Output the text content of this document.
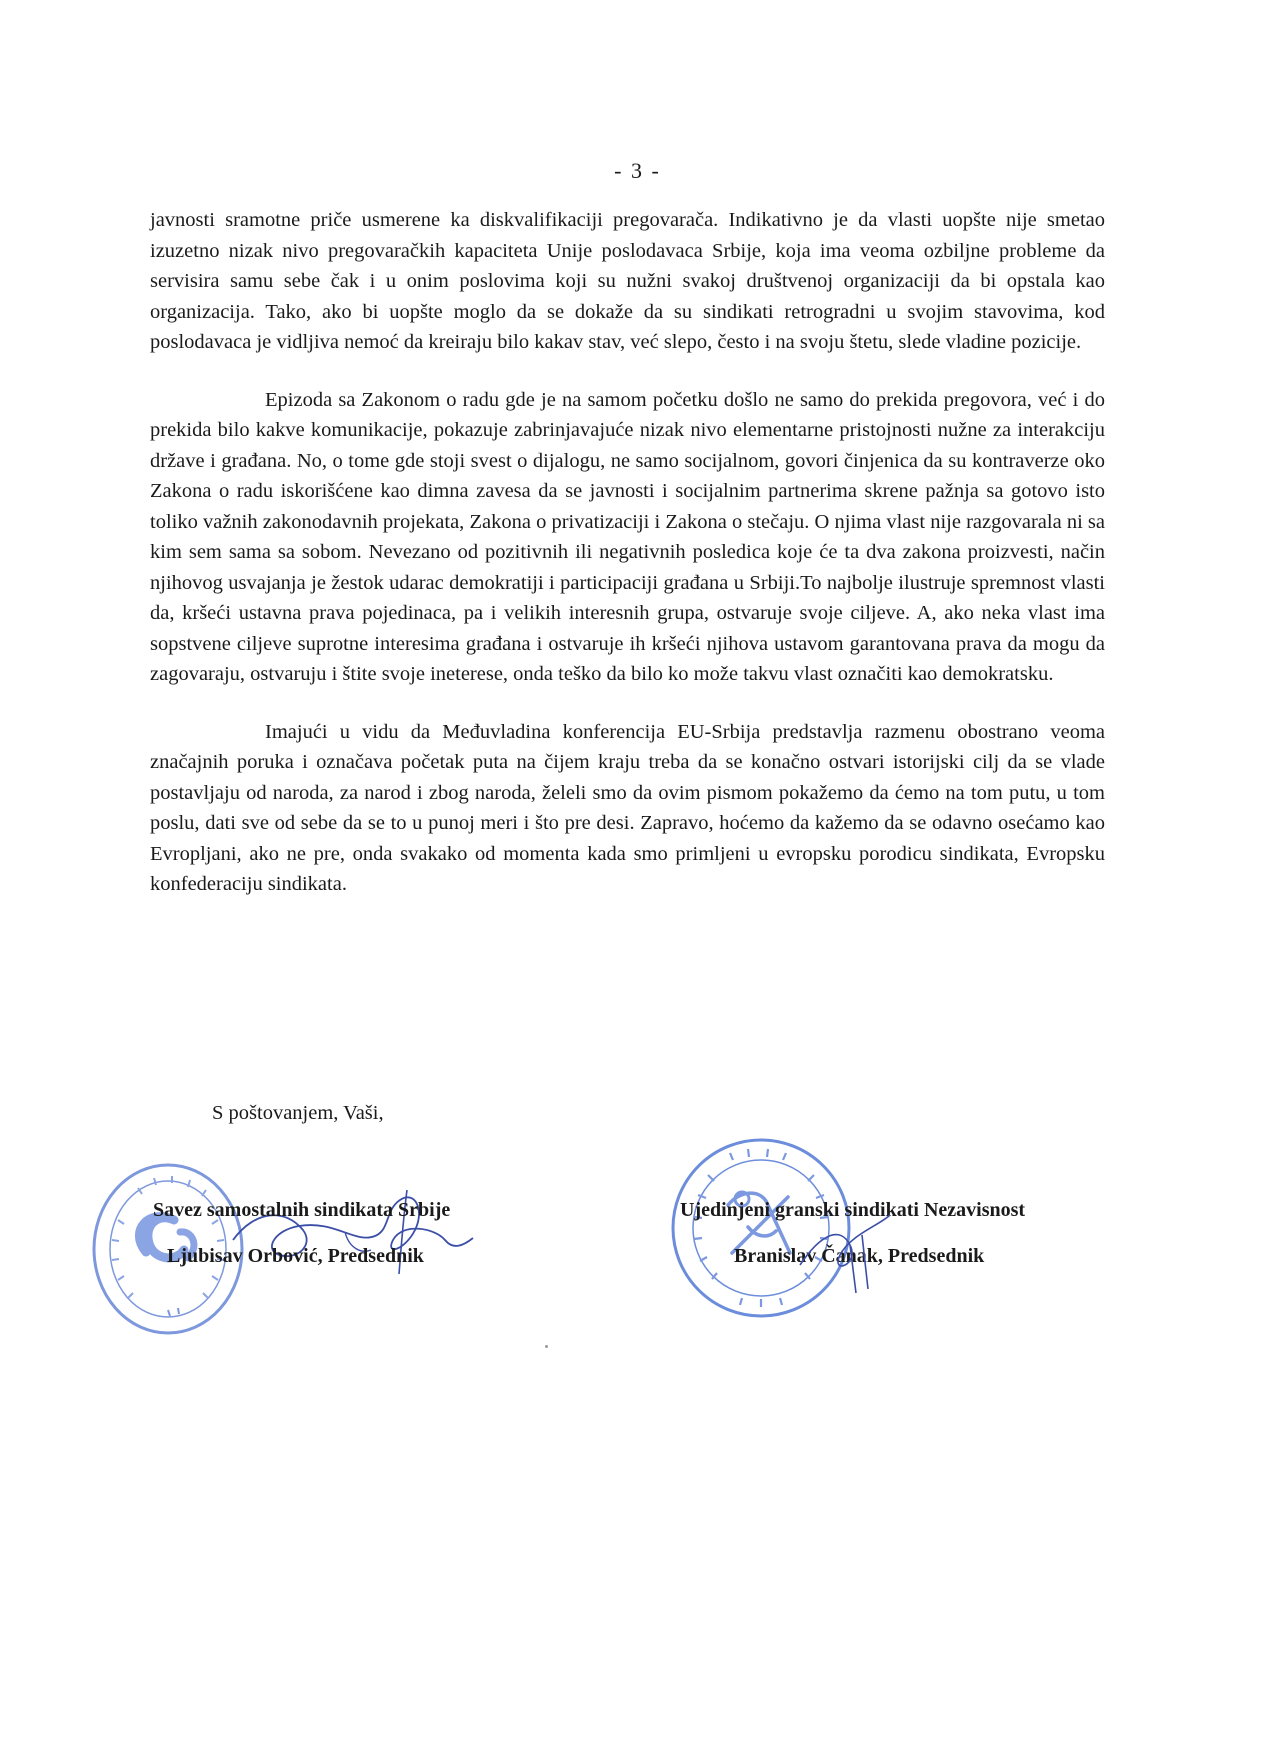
- 3 -

javnosti sramotne priče usmerene ka diskvalifikaciji pregovarača. Indikativno je da vlasti uopšte nije smetao izuzetno nizak nivo pregovaračkih kapaciteta Unije poslodavaca Srbije, koja ima veoma ozbiljne probleme da servisira samu sebe čak i u onim poslovima koji su nužni svakoj društvenoj organizaciji da bi opstala kao organizacija. Tako, ako bi uopšte moglo da se dokaže da su sindikati retrogradni u svojim stavovima, kod poslodavaca je vidljiva nemoć da kreiraju bilo kakav stav, već slepo, često i na svoju štetu, slede vladine pozicije.

Epizoda sa Zakonom o radu gde je na samom početku došlo ne samo do prekida pregovora, već i do prekida bilo kakve komunikacije, pokazuje zabrinjavajuće nizak nivo elementarne pristojnosti nužne za interakciju države i građana. No, o tome gde stoji svest o dijalogu, ne samo socijalnom, govori činjenica da su kontraverze oko Zakona o radu iskorišćene kao dimna zavesa da se javnosti i socijalnim partnerima skrene pažnja sa gotovo isto toliko važnih zakonodavnih projekata, Zakona o privatizaciji i Zakona o stečaju. O njima vlast nije razgovarala ni sa kim sem sama sa sobom. Nevezano od pozitivnih ili negativnih posledica koje će ta dva zakona proizvesti, način njihovog usvajanja je žestok udarac demokratiji i participaciji građana u Srbiji.To najbolje ilustruje spremnost vlasti da, kršeći ustavna prava pojedinaca, pa i velikih interesnih grupa, ostvaruje svoje ciljeve. A, ako neka vlast ima sopstvene ciljeve suprotne interesima građana i ostvaruje ih kršeći njihova ustavom garantovana prava da mogu da zagovaraju, ostvaruju i štite svoje ineterese, onda teško da bilo ko može takvu vlast označiti kao demokratsku.

Imajući u vidu da Međuvladina konferencija EU-Srbija predstavlja razmenu obostrano veoma značajnih poruka i označava početak puta na čijem kraju treba da se konačno ostvari istorijski cilj da se vlade postavljaju od naroda, za narod i zbog naroda, želeli smo da ovim pismom pokažemo da ćemo na tom putu, u tom poslu, dati sve od sebe da se to u punoj meri i što pre desi. Zapravo, hoćemo da kažemo da se odavno osećamo kao Evropljani, ako ne pre, onda svakako od momenta kada smo primljeni u evropsku porodicu sindikata, Evropsku konfederaciju sindikata.

S poštovanjem, Vaši,
Savez samostalnih sindikata Srbije
Ljubisav Orbović, Predsednik
Ujedinjeni granski sindikati Nezavisnost
Branislav Čanak, Predsednik
